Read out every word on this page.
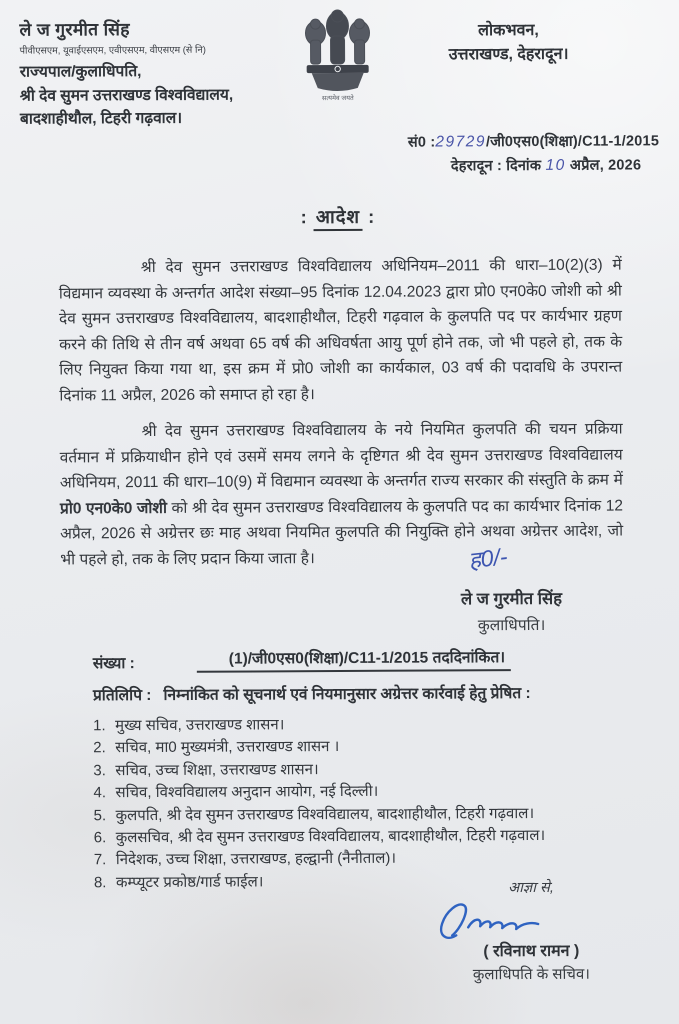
ले ज गुरमीत सिंह
पीवीएसएम, यूवाईएसएम, एवीएसएम, वीएसएम (से नि)
राज्यपाल/कुलाधिपति,
श्री देव सुमन उत्तराखण्ड विश्वविद्यालय,
बादशाहीथौल, टिहरी गढ़वाल।
सत्यमेव जयते
लोकभवन,
उत्तराखण्ड, देहरादून।
सं0 :29729/जी0एस0(शिक्षा)/C11-1/2015
देहरादून : दिनांक 10 अप्रैल, 2026
: आदेश :

श्री देव सुमन उत्तराखण्ड विश्वविद्यालय अधिनियम–2011 की धारा–10(2)(3) में विद्यमान व्यवस्था के अन्तर्गत आदेश संख्या–95 दिनांक 12.04.2023 द्वारा प्रो0 एन0के0 जोशी को श्री देव सुमन उत्तराखण्ड विश्वविद्यालय, बादशाहीथौल, टिहरी गढ़वाल के कुलपति पद पर कार्यभार ग्रहण करने की तिथि से तीन वर्ष अथवा 65 वर्ष की अधिवर्षता आयु पूर्ण होने तक, जो भी पहले हो, तक के लिए नियुक्त किया गया था, इस क्रम में प्रो0 जोशी का कार्यकाल, 03 वर्ष की पदावधि के उपरान्त दिनांक 11 अप्रैल, 2026 को समाप्त हो रहा है।

श्री देव सुमन उत्तराखण्ड विश्वविद्यालय के नये नियमित कुलपति की चयन प्रक्रिया वर्तमान में प्रक्रियाधीन होने एवं उसमें समय लगने के दृष्टिगत श्री देव सुमन उत्तराखण्ड विश्वविद्यालय अधिनियम, 2011 की धारा–10(9) में विद्यमान व्यवस्था के अन्तर्गत राज्य सरकार की संस्तुति के क्रम में प्रो0 एन0के0 जोशी को श्री देव सुमन उत्तराखण्ड विश्वविद्यालय के कुलपति पद का कार्यभार दिनांक 12 अप्रैल, 2026 से अग्रेत्तर छः माह अथवा नियमित कुलपति की नियुक्ति होने अथवा अग्रेत्तर आदेश, जो भी पहले हो, तक के लिए प्रदान किया जाता है।	ह0/-
ले ज गुरमीत सिंह
कुलाधिपति।
संख्या :	(1)/जी0एस0(शिक्षा)/C11-1/2015 तददिनांकित।
प्रतिलिपि : निम्नांकित को सूचनार्थ एवं नियमानुसार अग्रेत्तर कार्रवाई हेतु प्रेषित :
1. मुख्य सचिव, उत्तराखण्ड शासन।
2. सचिव, मा0 मुख्यमंत्री, उत्तराखण्ड शासन ।
3. सचिव, उच्च शिक्षा, उत्तराखण्ड शासन।
4. सचिव, विश्वविद्यालय अनुदान आयोग, नई दिल्ली।
5. कुलपति, श्री देव सुमन उत्तराखण्ड विश्वविद्यालय, बादशाहीथौल, टिहरी गढ़वाल।
6. कुलसचिव, श्री देव सुमन उत्तराखण्ड विश्वविद्यालय, बादशाहीथौल, टिहरी गढ़वाल।
7. निदेशक, उच्च शिक्षा, उत्तराखण्ड, हल्द्वानी (नैनीताल)।
8. कम्प्यूटर प्रकोष्ठ/गार्ड फाईल।	आज्ञा से,
( रविनाथ रामन )
कुलाधिपति के सचिव।
